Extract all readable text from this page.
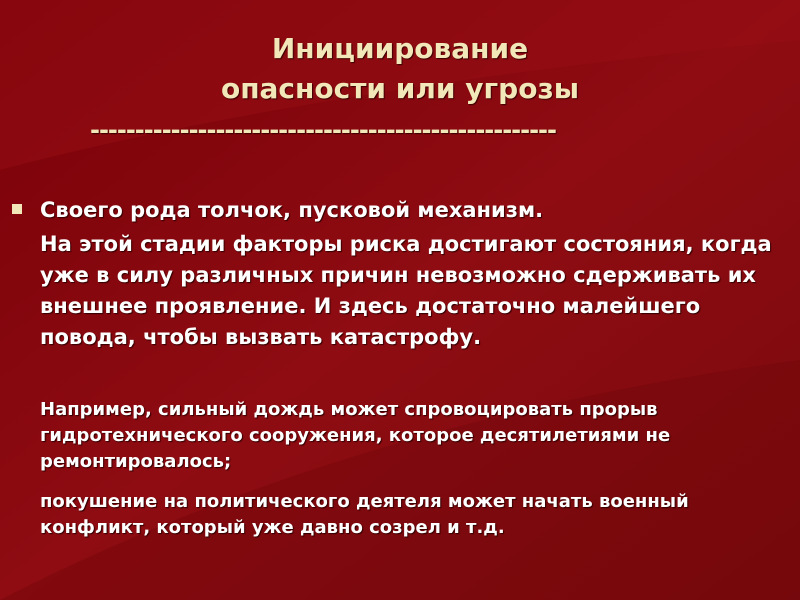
Инициирование
опасности или угрозы
----------------------------------------------------
Своего рода толчок, пусковой механизм.
На этой стадии факторы риска достигают состояния, когда уже в силу различных причин невозможно сдерживать их внешнее проявление. И здесь достаточно малейшего повода, чтобы вызвать катастрофу.
Например, сильный дождь может спровоцировать прорыв гидротехнического сооружения, которое десятилетиями не ремонтировалось;
покушение на политического деятеля может начать военный конфликт, который уже давно созрел и т.д.
